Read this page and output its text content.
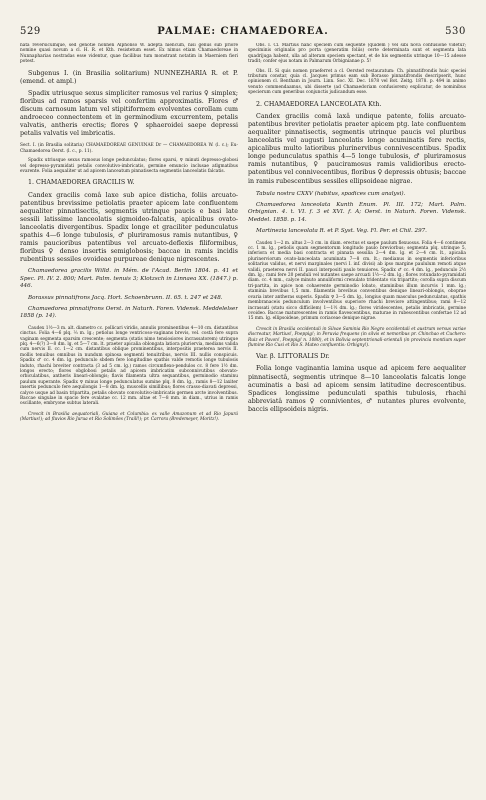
529	PALMAE: CHAMAEDOREA.	530

nata reversicumque, sed genotie nonnen Alphonso W. adepta niencum, nisi genus sub priore nomine quasi novum a cl. H. R. et Kth. resistetum esset. Ex nimus etiam Chamaedoreae in Nunnapharias nostradas esse videntur, quae facilibus tum monstrant notatim in Maerniem fieri potest.

Subgenus I. (in Brasilia solitarium) NUNNEZHARIA R. et P. (emend. et ampl.)

Spadix utriusque sexus simpliciter ramosus vel rarius ♀ simplex; floribus ad ramos sparsis vel confertim approximatis. Flores ♂ discum carnosum latum vel stipitiformem evolventes corollam cum androeceo connectentem et in germinodium excurrentem, petalis valvatis, antheris erectis; flores ♀ sphaeroidei saepe depressi petalis valvatis vel imbricatis.

Sect. I. (in Brasilia solitaria) CHAMAEDOREAE GENUINAE Dr — CHAMAEDOREA W. (l. c.); Eu-Chamaedorea Oerst. (l. c., p. 11).

Spadix utriusque sexus ramosus longe pedunculatus; flores sparsi, ♀ minuti depresso-globosi vel depresso-pyramidati petalis convolutivo-imbricatis, germine emuncio inclusae atlgmatibus evarente. Folia aequaliter ut ad apicem lanceatum pinnatisecta segmentis lanceolatis falcatis.

1. CHAMAEDOREA GRACILIS W.

Candex gracilis comâ laxe sub apice disticha, foliis arcuato-patentibus brevissime petiolatis praeter apicem late confluentem aequaliter pinnatisectis, segmentis utrinque paucis e basi late sessili latissime lanceolatis sigmoideo-falcatis, apicalibus ovato-lanceolatis divergentibus. Spadix longe et graciliter pedunculatus spathis 4—6 longe tubulosis, ♂ pluriramosus ramis nutantibus, ♀ ramis paucioribus patentibus vel arcuato-deflexis filiformibus, floribus ♀ denso insertis semiglobosis; baccae in ramis incidis rubentibus sessiles ovoideae purpureae denique nigrescentes.

Chamaedorea gracilis Willd. in Mém. de l'Acad. Berlin 1804. p. 41 et Spec. Pl. IV. 2. 800; Mart. Palm. tenuis 3; Klotzsch in Linnaea XX. (1847.) p. 446.

Borassus pinnatifrons Jacq. Hort. Schoenbrunn. II. 65. t. 247 et 248.

Chamaedorea pinnatifrons Oerst. in Naturh. Foren. Vidensk. Meddelelser 1858 (p. 14).

Caudex 1½—3 m. alt. diametro cc. pollicari viridis, annulis prominentibus 4—10 cm. distantibus cinctus. Folia 4—6 plq. ⅔ m. lg.; petiolus longe ventricoso-vaginans brevis, vel. costà fere supra vaginam segmenta sparsim crescente; segmenta (statis nimo tensiosiores incrassatorem) utrinque plq. 4—6(?) 3—8 dm. lg. et 5—7 cm. lt. praeter apicalia oblongata latiora pluriervia, medians valida cum nervis II. cc. 1—2 cm. distantibus oblique prominentibus, interpositis praeterea nervis II. mollis tenuibus omnibus in nundum spinosa segmenti tenuitribus, nervis III. nullis conspicuis. Spadix ♂ cc. 4 dm. lg. pedunculo sbdem fere longitudine spathis valde remotis longe tubulosis induto, rhachi breviter contracta (3 ad 5 cm. lg.) ramos circumflexo-pendulos cc. 8 fere 1½ dm. longos erecto; flores obglobosi petalis ad apicem imbricatim subconnivutibus obovato-orbiculatibus, antheris lineari-oblongis; flavis filamenta ultra sequantibus, germinodio staminu paulum superante. Spadix ♀ minus longe pedunculatus sumine plq. 8 dm. lg., ramis 8—12 laxiter insertis pedunculo fere aequilongis 1—8 dm. lg. muscellis simillibus; flores crasso-diavati depressi, calyce usque ad basin tripartita, petalis obovato convolutivo-imbricatis germen arcte involventibus. Baccae singulae in spacio fere ovalatae cc. 12 mm. altae et 7—8 mm. in diam., utrius in ramis oscillante, embryone subtus laterali.

Crescit in Brasilia aequatoriali, Guiana et Columbia: ex valle Amazonum et ad Rio Japurá (Martius!); ad fluvios Rio Jurua et Rio Solimões (Traill!); pr. Carrora (Bredemeyer, Moritz!).

Obs. I. Cl. Martius hanc speciem cum sequente (quidem ) vel sibi novâ confusione videtur; speciminis originalis pro porta (generatim foliis) certe determinata sunt et segmenta lata quadrijuga habent, ulla ad alteram speciem spectant, et de his segmentis utrinque 10—15 adesse tradit; confer ejus notam in Palmarum Orbignianae p. 5!

Obs. II. Si quis nomen praeferret a cl. Oersted restauratum: Ch. pinnatifrondis huic speciei tributum constar, quia cl. Jacques primus eam sub Borasso pinnatifrondis descripserit, hunc opinionem cl. Bentham in Journ. Linn. Soc. XI. Dec. 1878 vel Bot. Zeitg. 1878. p. 494 in animo venuto commendaamus, ubi disserte (ad Chamaedoriam confusiorem) explicatur, de nominibus specierum cum generibus conjunctis judicandum esse.

2. CHAMAEDOREA LANCEOLATA Kth.

Candex gracilis comâ laxâ undique patente, foliis arcuato-patentibus breviter petiolatis praeter apicem ptg. late confluentem aequaliter pinnatisectis, segmentis utrinque paucis vel pluribus lanceolatis vel augusti lanceolatis longe acuminatis fere rectis, apicalibus multo latioribus plurinervibus connivescentibus. Spadix longe pedunculatus spathis 4—5 longe tubulosis, ♂ pluriramosus ramis nutantibus, ♀ pauciramosus ramis validioribus erecto-patentibus vel connivecentibus, floribus ♀ depressis obtusis; baccae in ramis rubescentibus sessiles ellipsoideae nigrae.

Tabula nostra CXXV (habitus, spadices cum analysi).

Chamaedorea lanceolata Kunth Enum. Pl. III. 172; Mart. Palm. Orbignian. 4. t. VI. f. 3 et XVI. f. A; Oerst. in Naturh. Foren. Vidensk. Meddel. 1858. p. 14.

Martinezia lanceolata R. et P. Syst. Veg. Fl. Per. et Chil. 297.

Caudex 1—2 m. altus 2—3 cm. in diam. erectus et saepe paulum flexuosus. Folia 4—6 continens cc. 1 m. lg., petiolis quam segmentorum longitudo paulo breviorbus; segmenta plq. utrinque 5, inferiora et media basi contracta et pinnata sessilia 2—4 dm. lg. et 2—4 cm. lt., apicalia plurinerviorum ovato-lanceolata acuminata 7—8 cm. lt.; medianus in segmentis inferioribus solitarius validus, et nervi marginales (nervi I. inf. divisi) ab ipso margine paululum remoti atque validi, praeterea nervi II. pauci interpositi paulo tenuiores. Spadix ♂ cc. 4 dm. lg., pedunculo 2½ dm. lg.; rami fere 20 penduli vel nutantes saepe arcuati 1½—2 dm. lg.; flores rotundato-pyramidati diam. cc. 4 mm., calyce minuto annuliformi crenulato tridentato vix tripartito; corolla supra discum tri-partita, in apice non cohaerente germinodio lobato, staminibus illum incurvis 1 mm. lg.; staminia brevibus 1,5 mm. filamentis brevibus conventibus denique lineari-oblongis, oboprae ovaria inter antheras superis. Spadix ♀ 3—5 dm. lg., longius quam masculus pedunculatus, spathis membranaceis pedunculum involventibus superiore rhachi breviore attingentibus; rami 8—12 incrassati (statu sicco difficilem) 1—1½ dm. lg.; flores viridescentes, petalis imbricatis, germine ovoideo. Baccae maturescentes in ramis flavescentibus, maturae in rubescentibus confertae 12 ad 15 mm. lg. ellipsoideae, primum coriaceae denique nigrae.

Crescit in Brasilia occidentali in Silvae Saminia Rio Negro occidentali et austrum versus variae discreatur, Martius!, Poeppig!; in Peruvia frequens (in silvis et nemoribus pr. Chinchao et Cuchero: Ruiz et Pavon!, Poeppig! n. 1080), et in Bolivia septentrionali-orientali (in provincia montium super flumine Rio Cusi et Rio S. Mateo confluentis: Orbigny!).

Var. β. LITTORALIS Dr.

Folia longe vaginantia lamina usque ad apicem fere aequaliter pinnatisectâ, segmentis utrinque 8—10 lanceolatis falcatis longe acuminatis a basi ad apicem sensim latitudine decrescentibus. Spadices longissime pedunculati spathis tubulosis, rhachi abbreviatâ ramos ♀ connivientes, ♂ nutantes plures evolvente, baccis ellipsoideis nigris.
